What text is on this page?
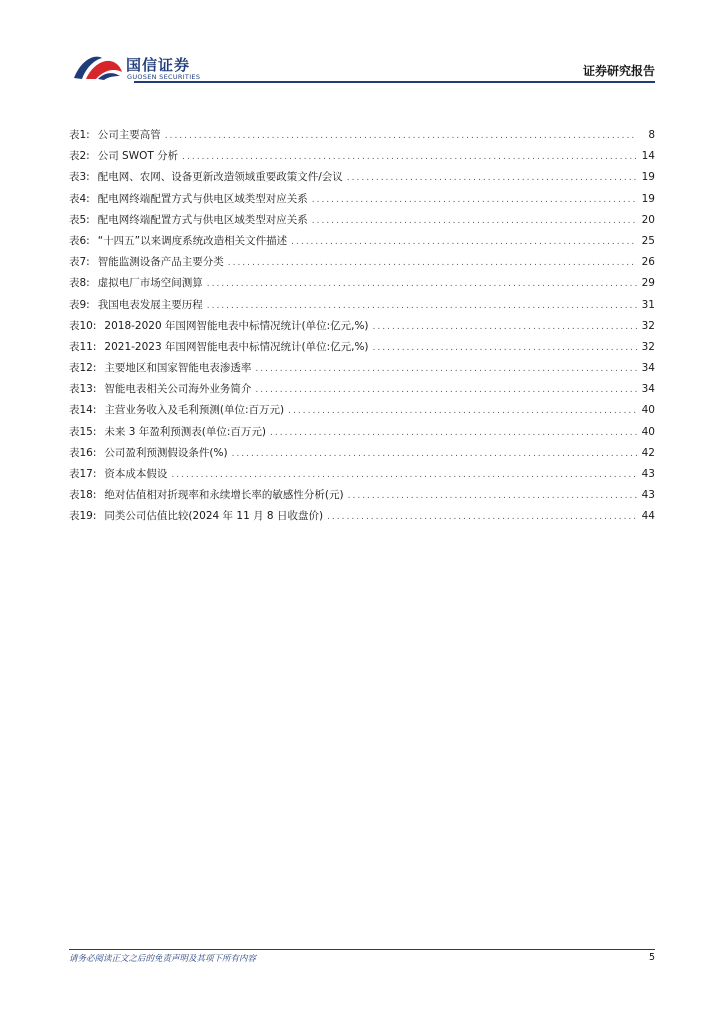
国信证券
GUOSEN SECURITIES	证券研究报告
表1: 公司主要高管 .....	8
表2: 公司 SWOT 分析 .....	14
表3: 配电网、农网、设备更新改造领域重要政策文件/会议 .....	19
表4: 配电网终端配置方式与供电区域类型对应关系 .....	19
表5: 配电网终端配置方式与供电区域类型对应关系 .....	20
表6: “十四五”以来调度系统改造相关文件描述 .....	25
表7: 智能监测设备产品主要分类 .....	26
表8: 虚拟电厂市场空间测算 .....	29
表9: 我国电表发展主要历程 .....	31
表10: 2018-2020 年国网智能电表中标情况统计(单位:亿元,%) .....	32
表11: 2021-2023 年国网智能电表中标情况统计(单位:亿元,%) .....	32
表12: 主要地区和国家智能电表渗透率 .....	34
表13: 智能电表相关公司海外业务简介 .....	34
表14: 主营业务收入及毛利预测(单位:百万元) .....	40
表15: 未来 3 年盈利预测表(单位:百万元) .....	40
表16: 公司盈利预测假设条件(%) .....	42
表17: 资本成本假设 .....	43
表18: 绝对估值相对折现率和永续增长率的敏感性分析(元) .....	43
表19: 同类公司估值比较(2024 年 11 月 8 日收盘价) .....	44
请务必阅读正文之后的免责声明及其项下所有内容	5
